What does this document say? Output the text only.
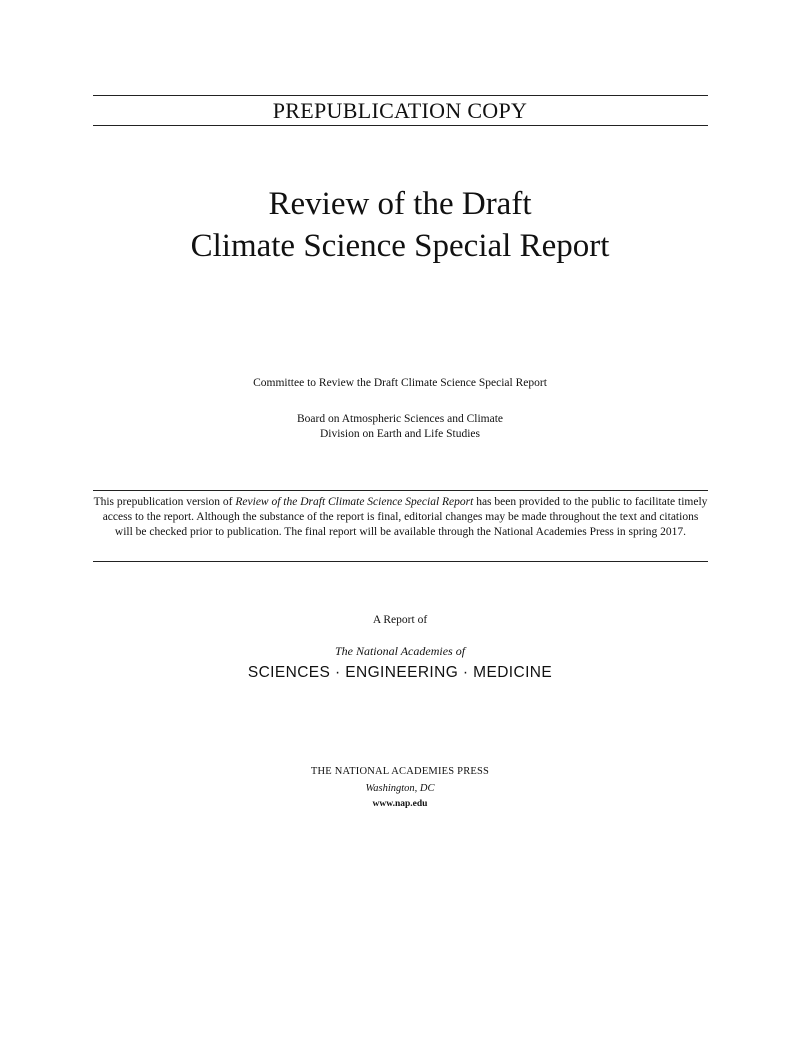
PREPUBLICATION COPY
Review of the Draft
Climate Science Special Report
Committee to Review the Draft Climate Science Special Report
Board on Atmospheric Sciences and Climate
Division on Earth and Life Studies
This prepublication version of Review of the Draft Climate Science Special Report has been provided to the public to facilitate timely access to the report. Although the substance of the report is final, editorial changes may be made throughout the text and citations will be checked prior to publication. The final report will be available through the National Academies Press in spring 2017.
A Report of
The National Academies of
SCIENCES · ENGINEERING · MEDICINE
THE NATIONAL ACADEMIES PRESS
Washington, DC
www.nap.edu
